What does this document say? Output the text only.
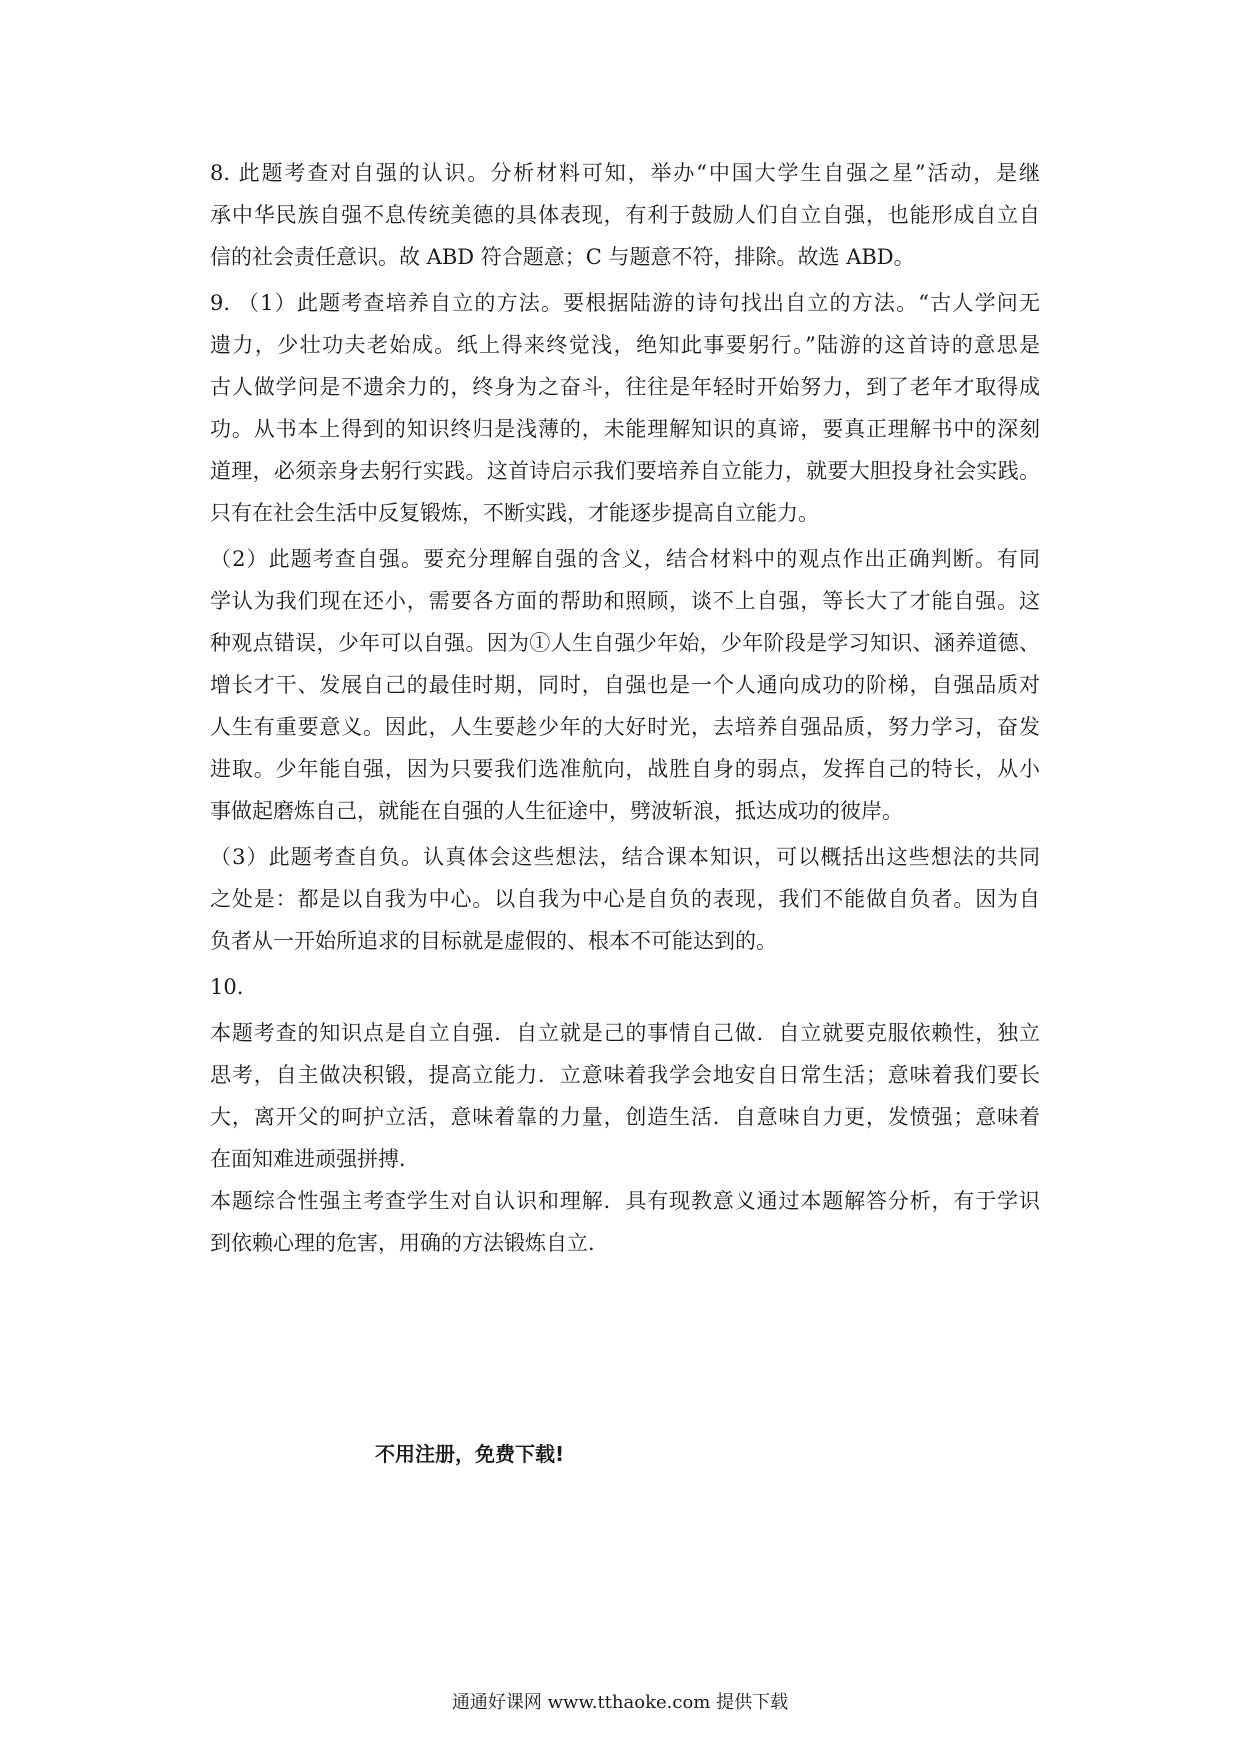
8. 此题考查对自强的认识。分析材料可知，举办“中国大学生自强之星”活动，是继
承中华民族自强不息传统美德的具体表现，有利于鼓励人们自立自强，也能形成自立自
信的社会责任意识。故 ABD 符合题意；C 与题意不符，排除。故选 ABD。
9. （1）此题考查培养自立的方法。要根据陆游的诗句找出自立的方法。“古人学问无
遗力，少壮功夫老始成。纸上得来终觉浅，绝知此事要躬行。”陆游的这首诗的意思是
古人做学问是不遗余力的，终身为之奋斗，往往是年轻时开始努力，到了老年才取得成
功。从书本上得到的知识终归是浅薄的，未能理解知识的真谛，要真正理解书中的深刻
道理，必须亲身去躬行实践。这首诗启示我们要培养自立能力，就要大胆投身社会实践。
只有在社会生活中反复锻炼，不断实践，才能逐步提高自立能力。
（2）此题考查自强。要充分理解自强的含义，结合材料中的观点作出正确判断。有同
学认为我们现在还小，需要各方面的帮助和照顾，谈不上自强，等长大了才能自强。这
种观点错误，少年可以自强。因为①人生自强少年始，少年阶段是学习知识、涵养道德、
增长才干、发展自己的最佳时期，同时，自强也是一个人通向成功的阶梯，自强品质对
人生有重要意义。因此，人生要趁少年的大好时光，去培养自强品质，努力学习，奋发
进取。少年能自强，因为只要我们选准航向，战胜自身的弱点，发挥自己的特长，从小
事做起磨炼自己，就能在自强的人生征途中，劈波斩浪，抵达成功的彼岸。
（3）此题考查自负。认真体会这些想法，结合课本知识，可以概括出这些想法的共同
之处是：都是以自我为中心。以自我为中心是自负的表现，我们不能做自负者。因为自
负者从一开始所追求的目标就是虚假的、根本不可能达到的。
10.
本题考查的知识点是自立自强．自立就是己的事情自己做．自立就要克服依赖性，独立
思考，自主做决积锻，提高立能力．立意味着我学会地安自日常生活；意味着我们要长
大，离开父的呵护立活，意味着靠的力量，创造生活．自意味自力更，发愤强；意味着
在面知难进顽强拼搏．
本题综合性强主考查学生对自认识和理解．具有现教意义通过本题解答分析，有于学识
到依赖心理的危害，用确的方法锻炼自立．
不用注册，免费下载!
通通好课网 www.tthaoke.com 提供下载
